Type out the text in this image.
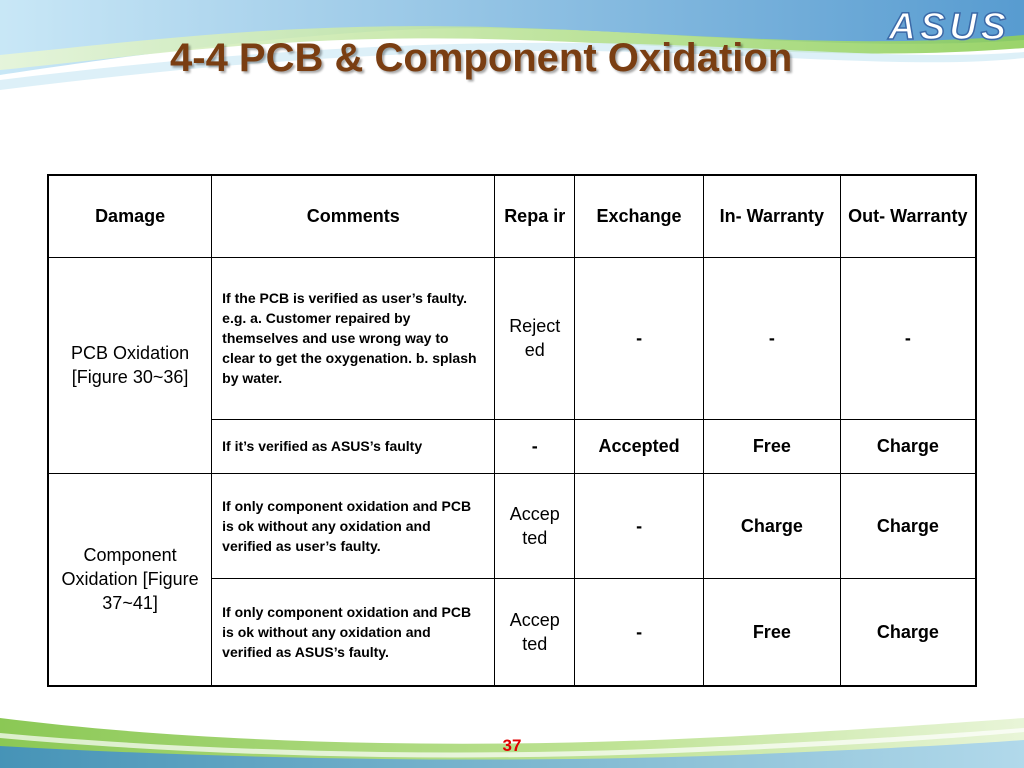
ASUS
4-4 PCB & Component Oxidation
Damage	Comments	Repa ir	Exchange	In- Warranty	Out- Warranty
PCB Oxidation [Figure 30~36]	If the PCB is verified as user’s faulty. e.g. a. Customer repaired by themselves and use wrong way to clear to get the oxygenation. b. splash by water.	Reject ed	-	-	-
	If it’s verified as ASUS’s faulty	-	Accepted	Free	Charge
Component Oxidation [Figure 37~41]	If only component oxidation and PCB is ok without any oxidation and verified as user’s faulty.	Accep ted	-	Charge	Charge
	If only component oxidation and PCB is ok without any oxidation and verified as ASUS’s faulty.	Accep ted	-	Free	Charge
37
